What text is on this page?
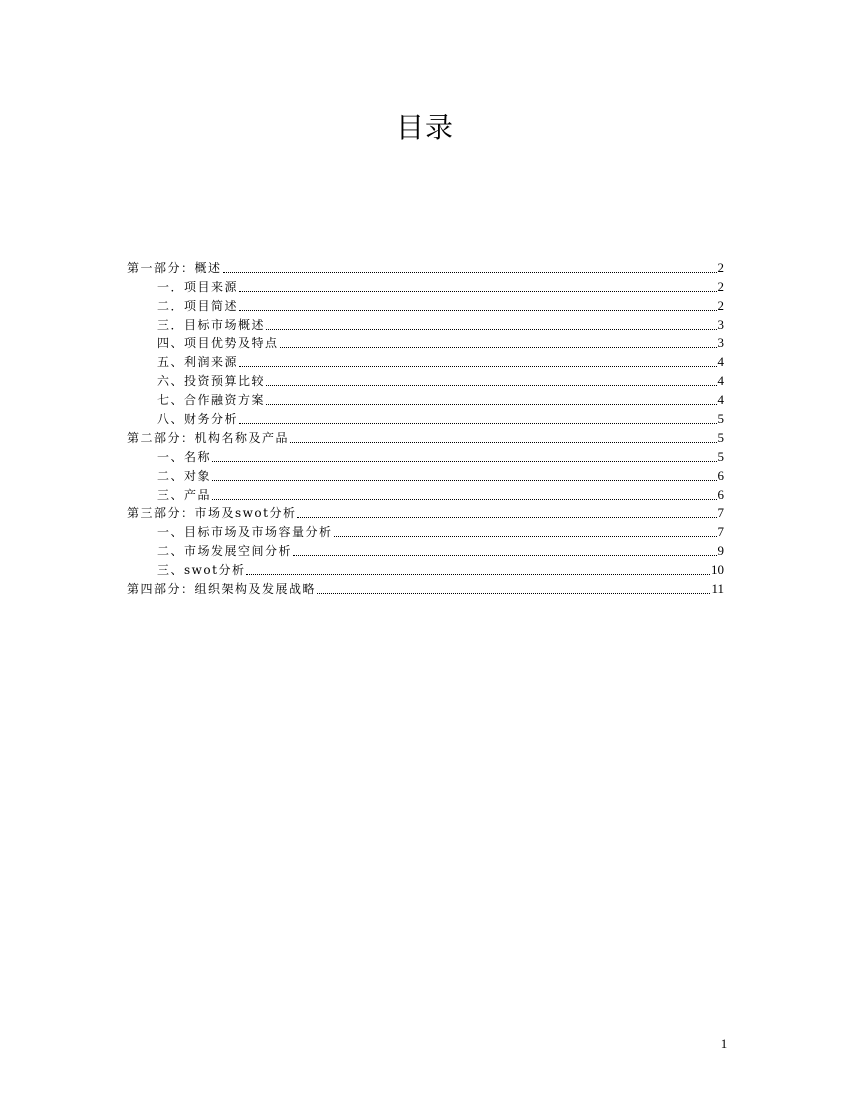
目录
第一部分：概述	2
一．项目来源	2
二．项目简述	2
三．目标市场概述	3
四、项目优势及特点	3
五、利润来源	4
六、投资预算比较	4
七、合作融资方案	4
八、财务分析	5
第二部分：机构名称及产品	5
一、名称	5
二、对象	6
三、产品	6
第三部分：市场及swot分析	7
一、目标市场及市场容量分析	7
二、市场发展空间分析	9
三、swot分析	10
第四部分：组织架构及发展战略	11
1
